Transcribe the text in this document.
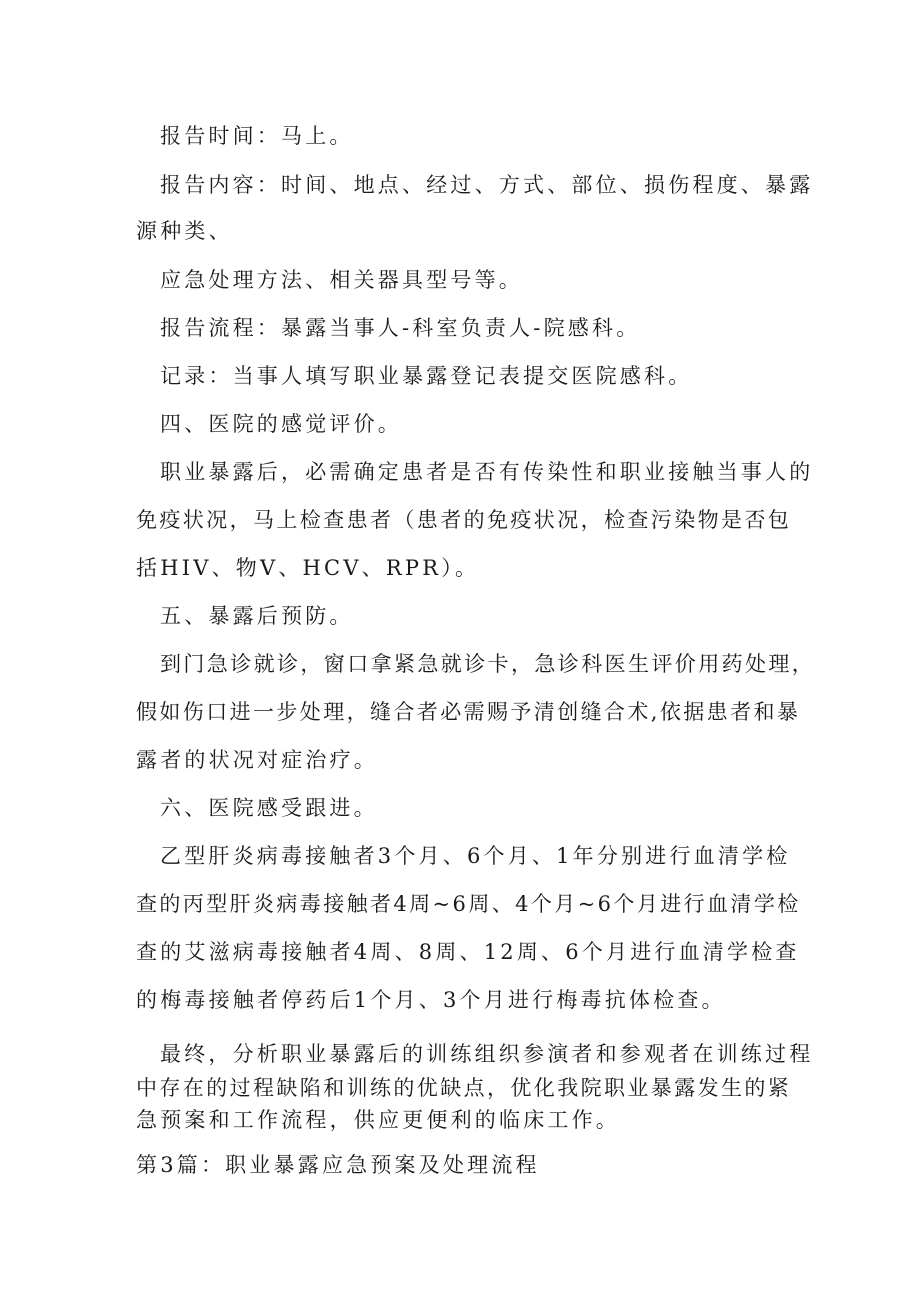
报告时间：马上。

报告内容：时间、地点、经过、方式、部位、损伤程度、暴露

源种类、

应急处理方法、相关器具型号等。

报告流程：暴露当事人-科室负责人-院感科。

记录：当事人填写职业暴露登记表提交医院感科。

四、医院的感觉评价。

职业暴露后，必需确定患者是否有传染性和职业接触当事人的

免疫状况，马上检查患者（患者的免疫状况，检查污染物是否包

括HIV、物V、HCV、RPR）。

五、暴露后预防。

到门急诊就诊，窗口拿紧急就诊卡，急诊科医生评价用药处理，

假如伤口进一步处理，缝合者必需赐予清创缝合术,依据患者和暴

露者的状况对症治疗。

六、医院感受跟进。

乙型肝炎病毒接触者3个月、6个月、1年分别进行血清学检

查的丙型肝炎病毒接触者4周~6周、4个月~6个月进行血清学检

查的艾滋病毒接触者4周、8周、12周、6个月进行血清学检查

的梅毒接触者停药后1个月、3个月进行梅毒抗体检查。

最终，分析职业暴露后的训练组织参演者和参观者在训练过程

中存在的过程缺陷和训练的优缺点，优化我院职业暴露发生的紧

急预案和工作流程，供应更便利的临床工作。

第3篇：职业暴露应急预案及处理流程
